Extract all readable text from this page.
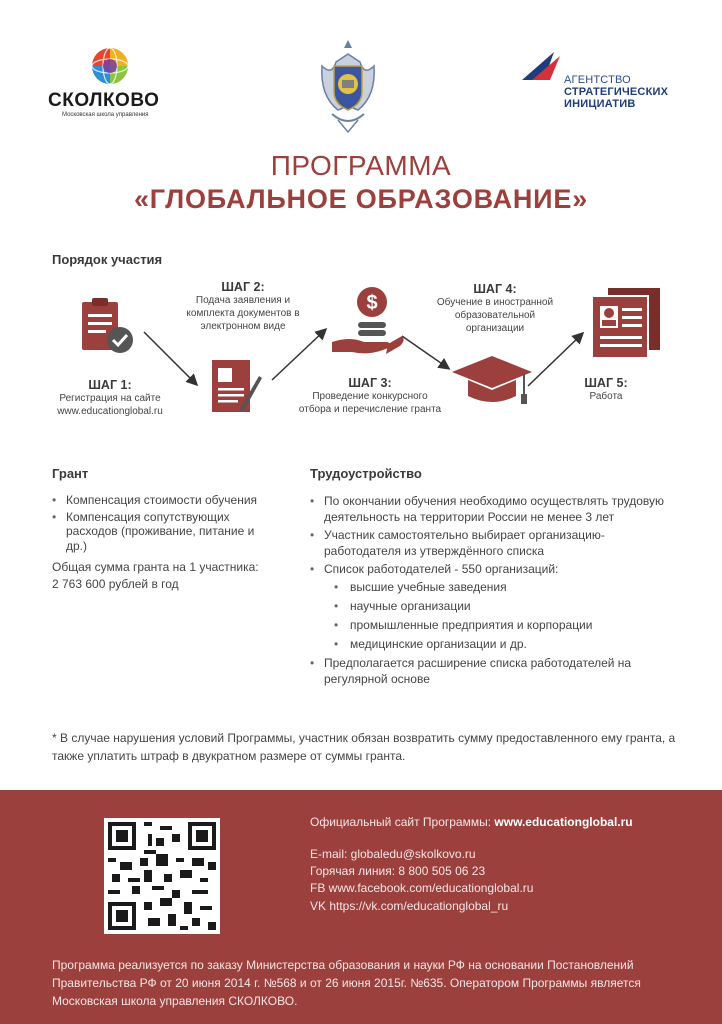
СКОЛКОВО
Московская школа управления
АГЕНТСТВО
СТРАТЕГИЧЕСКИХ
ИНИЦИАТИВ
ПРОГРАММА
«ГЛОБАЛЬНОЕ ОБРАЗОВАНИЕ»
Порядок участия
$
ШАГ 1:
Регистрация на сайте
www.educationglobal.ru
ШАГ 2:
Подача заявления и
комплекта документов в
электронном виде
ШАГ 3:
Проведение конкурсного
отбора и перечисление гранта
ШАГ 4:
Обучение в иностранной
образовательной
организации
ШАГ 5:
Работа
Грант
• Компенсация стоимости обучения
• Компенсация сопутствующих расходов (проживание, питание и др.)
Общая сумма гранта на 1 участника:
2 763 600 рублей в год
Трудоустройство
• По окончании обучения необходимо осуществлять трудовую деятельность на территории России не менее 3 лет
• Участник самостоятельно выбирает организацию-работодателя из утверждённого списка
• Список работодателей - 550 организаций:
• высшие учебные заведения
• научные организации
• промышленные предприятия и корпорации
• медицинские организации и др.
• Предполагается расширение списка работодателей на регулярной основе
* В случае нарушения условий Программы, участник обязан возвратить сумму предоставленного ему гранта, а также уплатить штраф в двукратном размере от суммы гранта.
Официальный сайт Программы: www.educationglobal.ru
E-mail: globaledu@skolkovo.ru
Горячая линия: 8 800 505 06 23
FB www.facebook.com/educationglobal.ru
VK https://vk.com/educationglobal_ru
Программа реализуется по заказу Министерства образования и науки РФ на основании Постановлений Правительства РФ от 20 июня 2014 г. №568 и от 26 июня 2015г. №635. Оператором Программы является Московская школа управления СКОЛКОВО.
